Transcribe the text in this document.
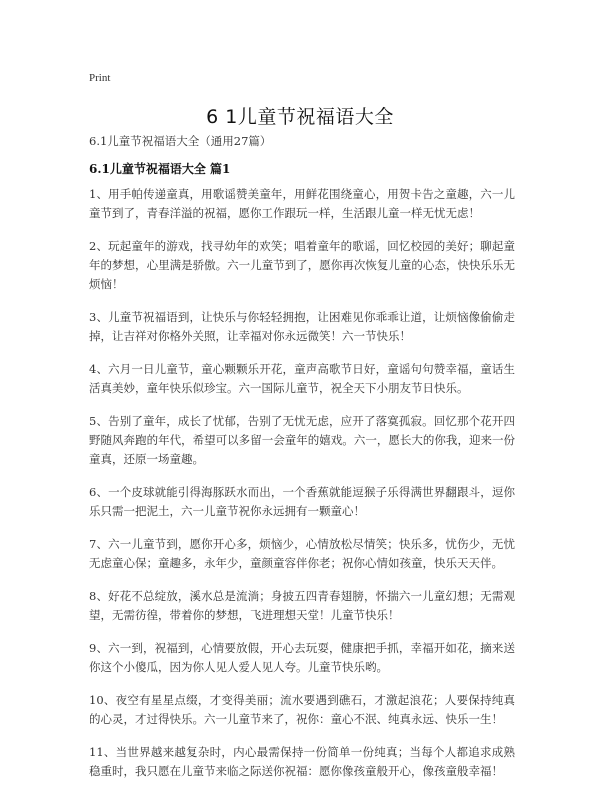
Print
6 1儿童节祝福语大全
6.1儿童节祝福语大全（通用27篇）
6.1儿童节祝福语大全 篇1

1、用手帕传递童真，用歌谣赞美童年，用鲜花围绕童心，用贺卡告之童趣，六一儿童节到了，青春洋溢的祝福，愿你工作跟玩一样，生活跟儿童一样无忧无虑！

2、玩起童年的游戏，找寻幼年的欢笑；唱着童年的歌谣，回忆校园的美好；聊起童年的梦想，心里满是骄傲。六一儿童节到了，愿你再次恢复儿童的心态，快快乐乐无烦恼！

3、儿童节祝福语到，让快乐与你轻轻拥抱，让困难见你乖乖让道，让烦恼像偷偷走掉，让吉祥对你格外关照，让幸福对你永远微笑！六一节快乐！

4、六月一日儿童节，童心颗颗乐开花，童声高歌节日好，童谣句句赞幸福，童话生活真美妙，童年快乐似珍宝。六一国际儿童节，祝全天下小朋友节日快乐。

5、告别了童年，成长了忧郁，告别了无忧无虑，应开了落寞孤寂。回忆那个花开四野随风奔跑的年代，希望可以多留一会童年的嬉戏。六一，愿长大的你我，迎来一份童真，还原一场童趣。

6、一个皮球就能引得海豚跃水而出，一个香蕉就能逗猴子乐得满世界翻跟斗，逗你乐只需一把泥土，六一儿童节祝你永远拥有一颗童心！

7、六一儿童节到，愿你开心多，烦恼少，心情放松尽情笑；快乐多，忧伤少，无忧无虑童心保；童趣多，永年少，童颜童容伴你老；祝你心情如孩童，快乐天天伴。

8、好花不总绽放，溪水总是流淌；身披五四青春翅膀，怀揣六一儿童幻想；无需观望，无需彷徨，带着你的梦想，飞进理想天堂！儿童节快乐！

9、六一到，祝福到，心情要放假，开心去玩耍，健康把手抓，幸福开如花，摘来送你这个小傻瓜，因为你人见人爱人见人夸。儿童节快乐哟。

10、夜空有星星点缀，才变得美丽；流水要遇到礁石，才激起浪花；人要保持纯真的心灵，才过得快乐。六一儿童节来了，祝你：童心不泯、纯真永远、快乐一生！

11、当世界越来越复杂时，内心最需保持一份简单一份纯真；当每个人都追求成熟稳重时，我只愿在儿童节来临之际送你祝福：愿你像孩童般开心，像孩童般幸福！
